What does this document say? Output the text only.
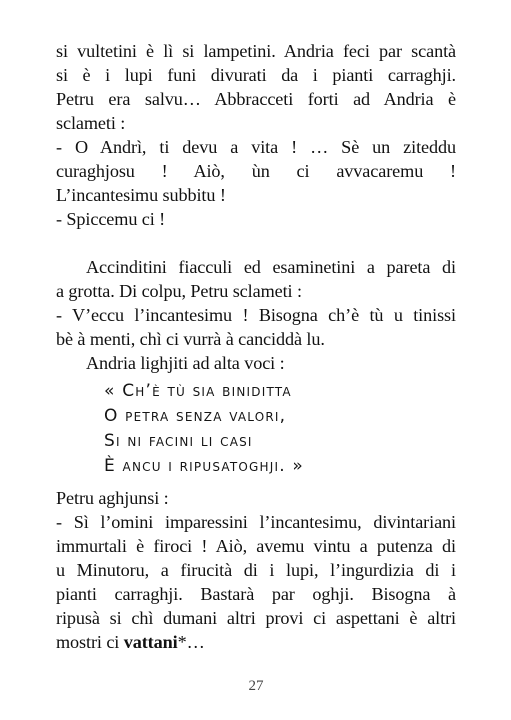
si vultetini è lì si lampetini. Andria feci par scantà
si è i lupi funi divurati da i pianti carraghji.
Petru era salvu… Abbracceti forti ad Andria è
sclameti :
- O Andrì, ti devu a vita ! … Sè un ziteddu
curaghjosu ! Aiò, ùn ci avvacaremu !
L’incantesimu subbitu !
- Spiccemu ci !
Accinditini fiacculi ed esaminetini a pareta di
a grotta. Di colpu, Petru sclameti :
- V’eccu l’incantesimu ! Bisogna ch’è tù u tinissi
bè à menti, chì ci vurrà à canciddà lu.
Andria lighjiti ad alta voci :
« Ch’è tù sia biniditta
O petra senza valori,
Si ni facini li casi
È ancu i ripusatoghji. »
Petru aghjunsi :
- Sì l’omini imparessini l’incantesimu, divintariani
immurtali è firoci ! Aiò, avemu vintu a putenza di
u Minutoru, a firucità di i lupi, l’ingurdizia di i
pianti carraghji. Bastarà par oghji. Bisogna à
ripusà si chì dumani altri provi ci aspettani è altri
mostri ci vattani*…
27
